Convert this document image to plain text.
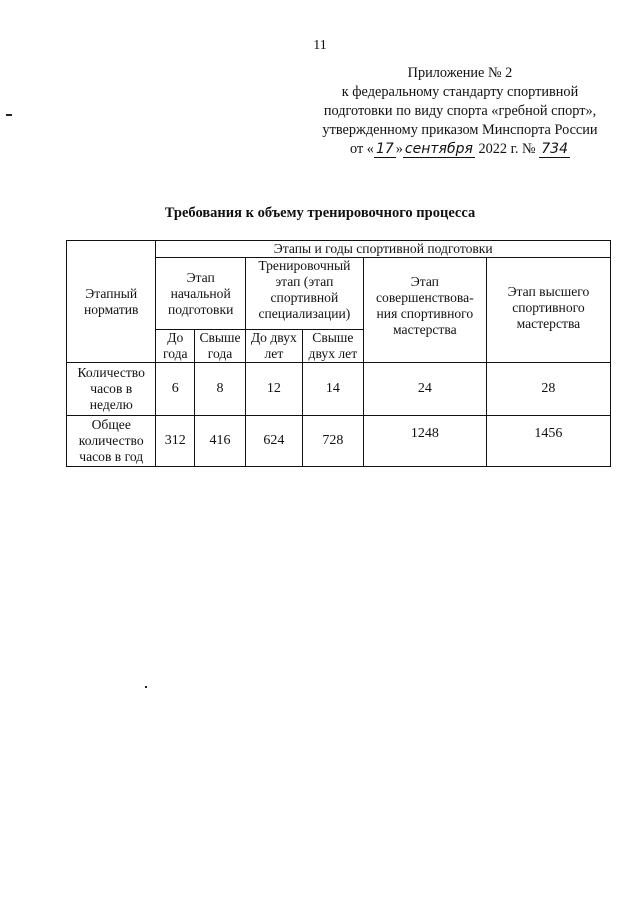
11
Приложение № 2
к федеральному стандарту спортивной
подготовки по виду спорта «гребной спорт»,
утвержденному приказом Минспорта России
от « 17 » сентября 2022 г. № 734
Требования к объему тренировочного процесса
Этапный норматив	Этапы и годы спортивной подготовки					
	Этап начальной подготовки		Тренировочный этап (этап спортивной специализации)		Этап совершенствова-ния спортивного мастерства	Этап высшего спортивного мастерства
	До года	Свыше года	До двух лет	Свыше двух лет		
Количество часов в неделю	6	8	12	14	24	28
Общее количество часов в год	312	416	624	728	1248	1456
